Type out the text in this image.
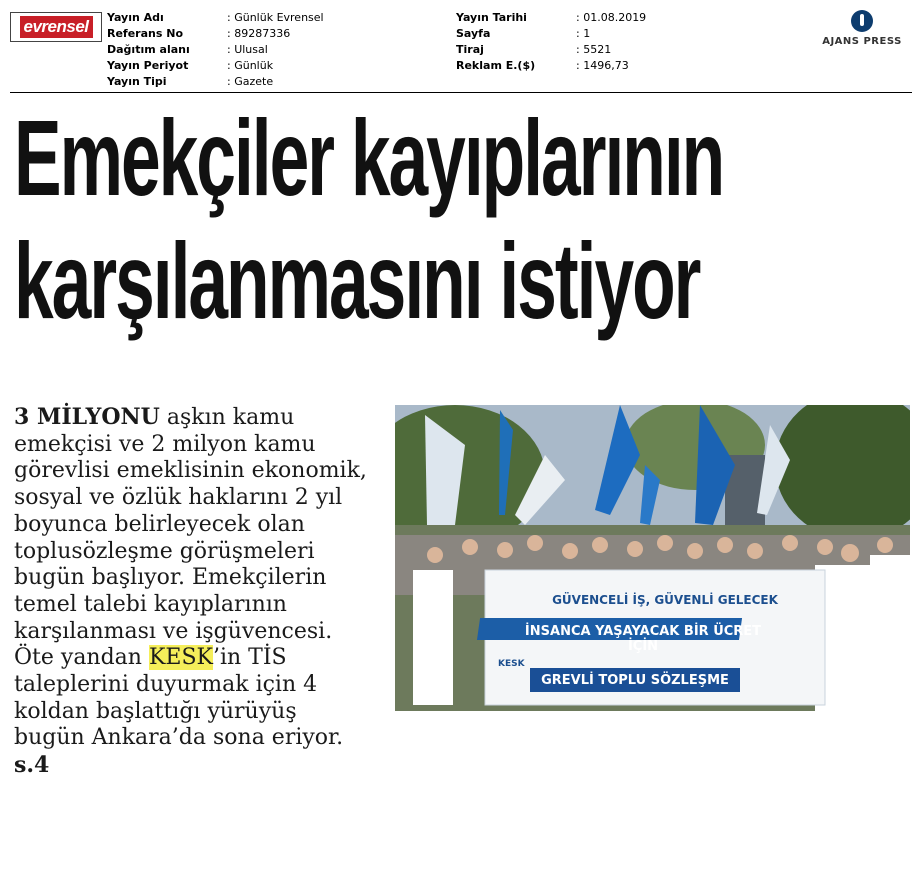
evrensel	Yayın Adı	: Günlük Evrensel
Referans No	: 89287336
Dağıtım alanı	: Ulusal
Yayın Periyot	: Günlük
Yayın Tipi	: Gazete
Yayın Tarihi	: 01.08.2019
Sayfa	: 1
Tiraj	: 5521
Reklam E.($)	: 1496,73
AJANS PRESS
Emekçiler kayıplarının
karşılanmasını istiyor

3 MİLYONU aşkın kamu emekçisi ve 2 milyon kamu görevlisi emeklisinin ekonomik, sosyal ve özlük haklarını 2 yıl boyunca belirleyecek olan toplusözleşme görüşmeleri bugün başlıyor. Emekçilerin temel talebi kayıplarının karşılanması ve işgüvencesi. Öte yandan KESK’in TİS taleplerini duyurmak için 4 koldan başlattığı yürüyüş bugün Ankara’da sona eriyor. s.4

GÜVENCELİ İŞ, GÜVENLİ GELECEK
İNSANCA YAŞAYACAK BİR ÜCRET İÇİN
GREVLİ TOPLU SÖZLEŞME
KESK
